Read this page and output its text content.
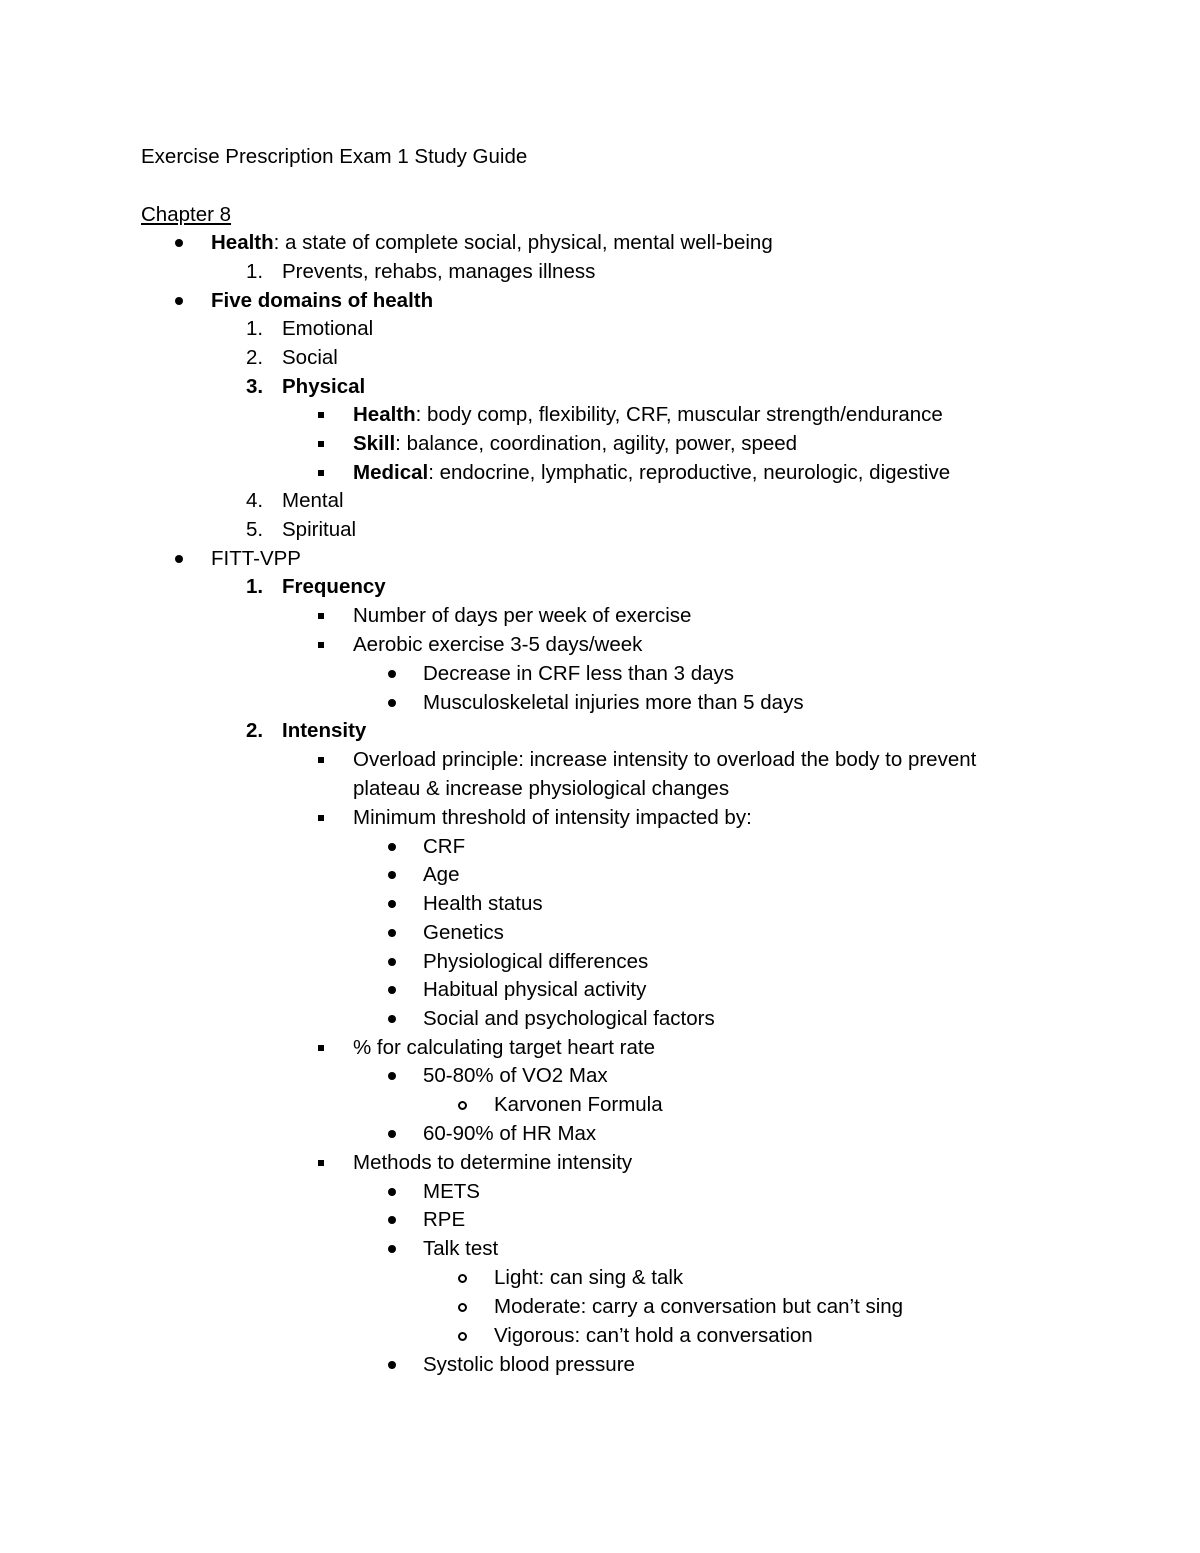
Exercise Prescription Exam 1 Study Guide
Chapter 8
Health: a state of complete social, physical, mental well-being
1. Prevents, rehabs, manages illness
Five domains of health
1. Emotional
2. Social
3. Physical
Health: body comp, flexibility, CRF, muscular strength/endurance
Skill: balance, coordination, agility, power, speed
Medical: endocrine, lymphatic, reproductive, neurologic, digestive
4. Mental
5. Spiritual
FITT-VPP
1. Frequency
Number of days per week of exercise
Aerobic exercise 3-5 days/week
Decrease in CRF less than 3 days
Musculoskeletal injuries more than 5 days
2. Intensity
Overload principle: increase intensity to overload the body to prevent
plateau & increase physiological changes
Minimum threshold of intensity impacted by:
CRF
Age
Health status
Genetics
Physiological differences
Habitual physical activity
Social and psychological factors
% for calculating target heart rate
50-80% of VO2 Max
Karvonen Formula
60-90% of HR Max
Methods to determine intensity
METS
RPE
Talk test
Light: can sing & talk
Moderate: carry a conversation but can’t sing
Vigorous: can’t hold a conversation
Systolic blood pressure
